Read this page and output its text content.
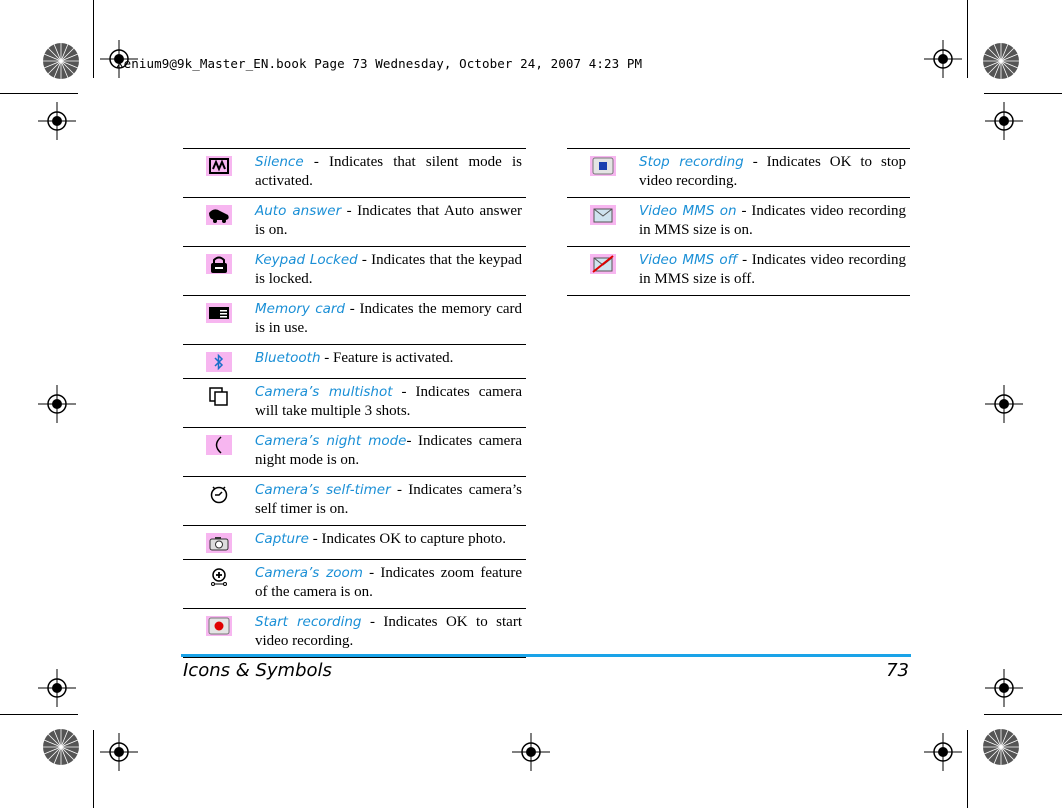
Xenium9@9k_Master_EN.book Page 73 Wednesday, October 24, 2007 4:23 PM
Silence - Indicates that silent mode is activated.
Auto answer - Indicates that Auto answer is on.
Keypad Locked - Indicates that the keypad is locked.
Memory card - Indicates the memory card is in use.
Bluetooth - Feature is activated.
Camera’s multishot - Indicates camera will take multiple 3 shots.
Camera’s night mode- Indicates camera night mode is on.
Camera’s self-timer - Indicates camera’s self timer is on.
Capture - Indicates OK to capture photo.
Camera’s zoom - Indicates zoom feature of the camera is on.
Start recording - Indicates OK to start video recording.
Stop recording - Indicates OK to stop video recording.
Video MMS on - Indicates video recording in MMS size is on.
Video MMS off - Indicates video recording in MMS size is off.
Icons & Symbols	73
